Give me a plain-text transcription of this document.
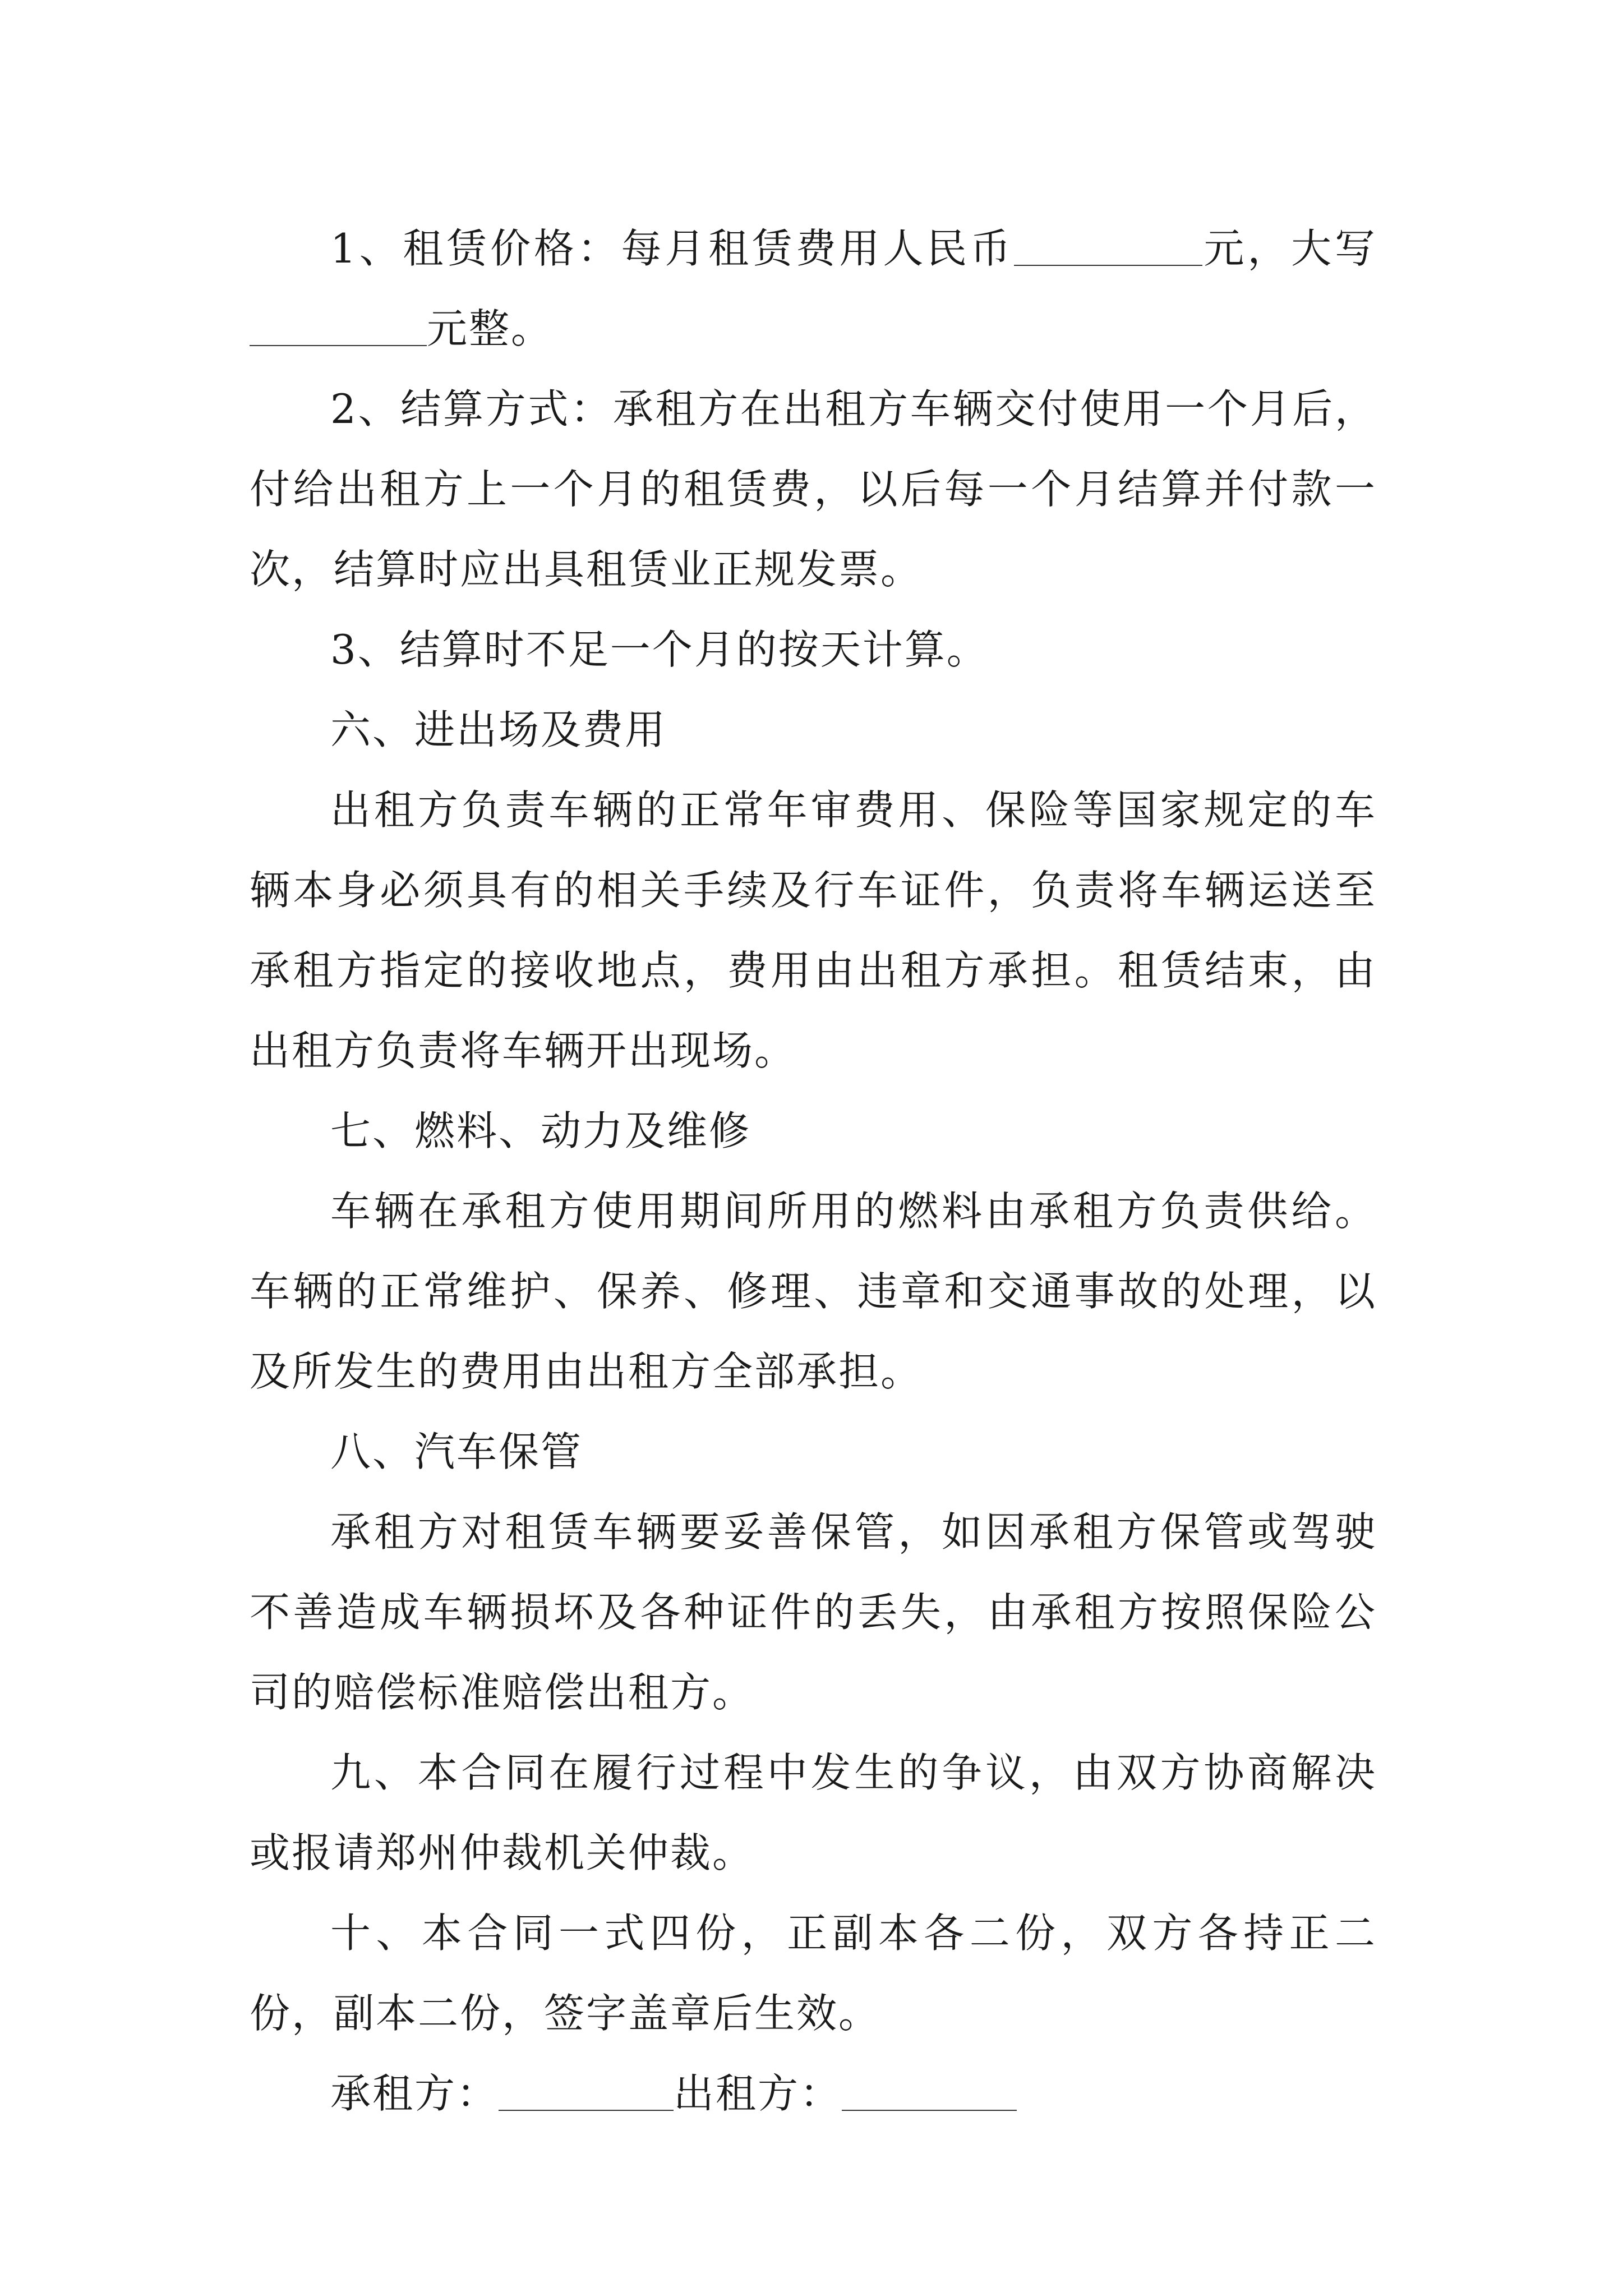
1、租赁价格：每月租赁费用人民币	元，大写元整。

2、结算方式：承租方在出租方车辆交付使用一个月后，付给出租方上一个月的租赁费，以后每一个月结算并付款一次，结算时应出具租赁业正规发票。

3、结算时不足一个月的按天计算。

六、进出场及费用

出租方负责车辆的正常年审费用、保险等国家规定的车辆本身必须具有的相关手续及行车证件，负责将车辆运送至承租方指定的接收地点，费用由出租方承担。租赁结束，由出租方负责将车辆开出现场。

七、燃料、动力及维修

车辆在承租方使用期间所用的燃料由承租方负责供给。车辆的正常维护、保养、修理、违章和交通事故的处理，以及所发生的费用由出租方全部承担。

八、汽车保管

承租方对租赁车辆要妥善保管，如因承租方保管或驾驶不善造成车辆损坏及各种证件的丢失，由承租方按照保险公司的赔偿标准赔偿出租方。

九、本合同在履行过程中发生的争议，由双方协商解决或报请郑州仲裁机关仲裁。

十、本合同一式四份，正副本各二份，双方各持正二份，副本二份，签字盖章后生效。

承租方：	出租方：
